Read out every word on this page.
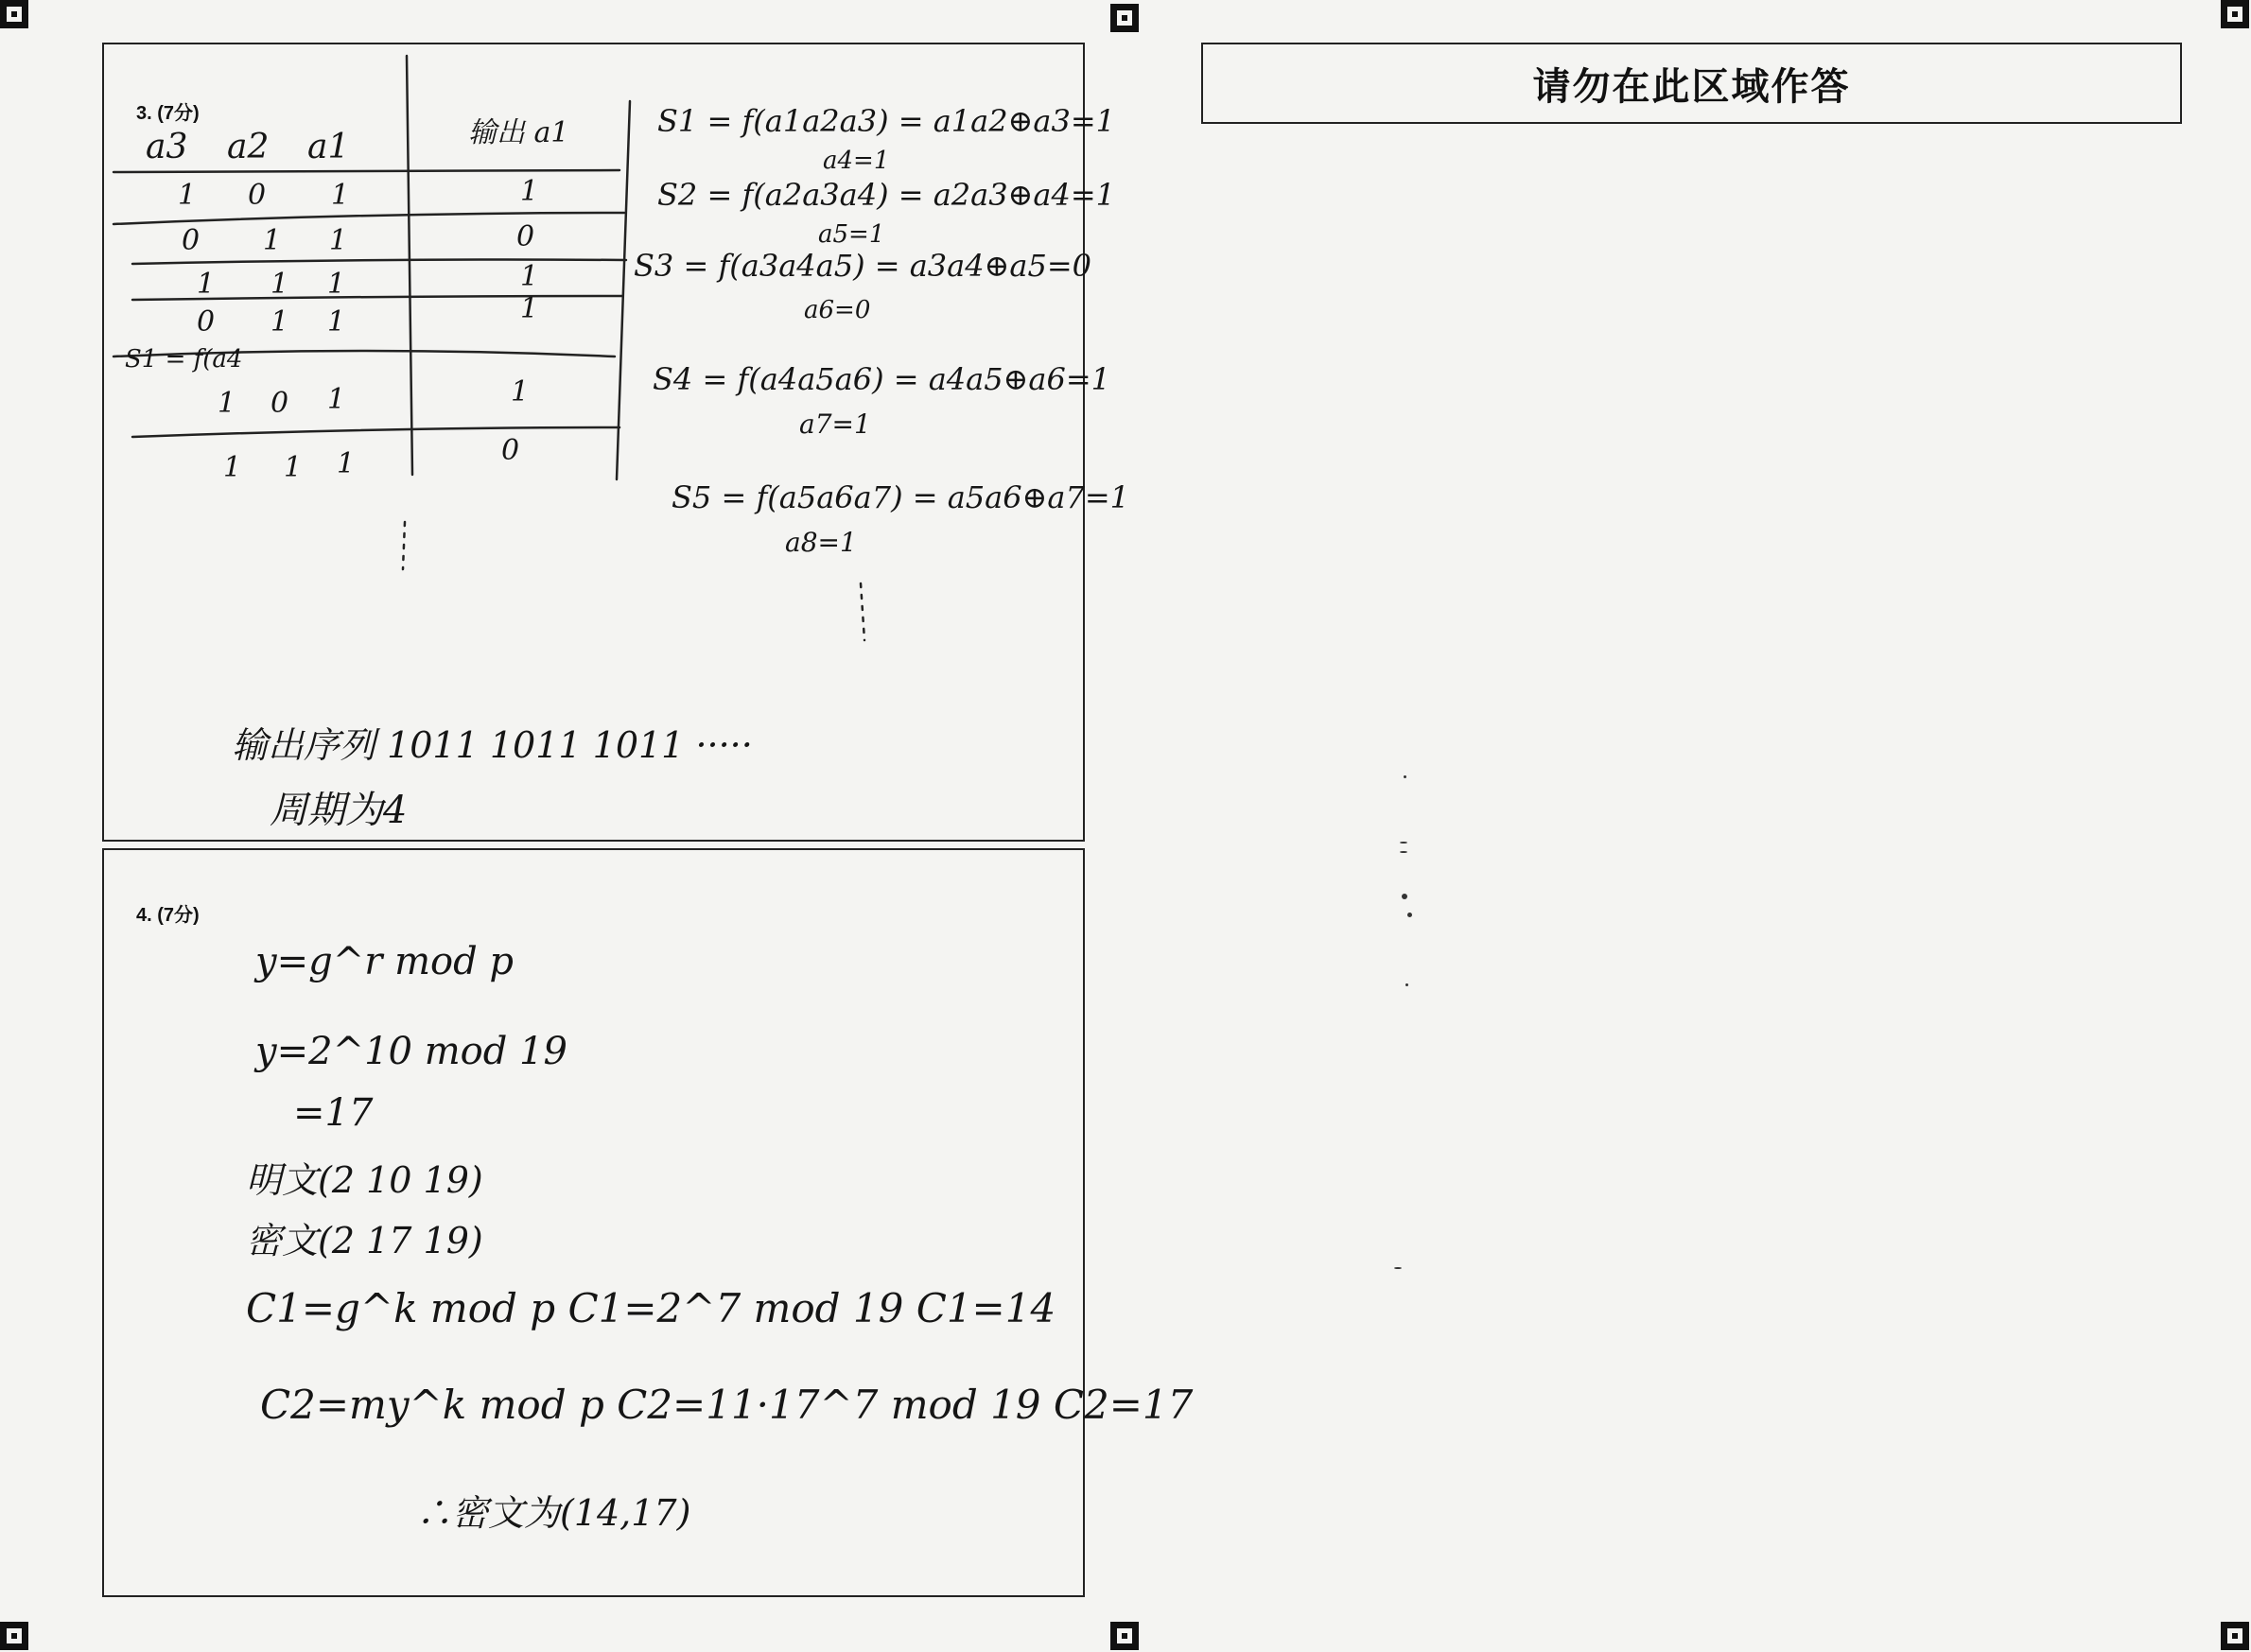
3. (7分)
a3 a2 a1	输出 a1
1 0 1	1
0 1 1	0
1 1 1	1
0 1 1	1
S1 = f(a4
1 0 1	1
1 1 1	0
S1 = f(a1a2a3) = a1a2⊕a3=1
a4=1
S2 = f(a2a3a4) = a2a3⊕a4=1
a5=1
S3 = f(a3a4a5) = a3a4⊕a5=0
a6=0
S4 = f(a4a5a6) = a4a5⊕a6=1
a7=1
S5 = f(a5a6a7) = a5a6⊕a7=1
a8=1
输出序列 1011 1011 1011 ·····
周期为4
4. (7分)
y=g^r mod p
y=2^10 mod 19
=17
明文(2 10 19)
密文(2 17 19)
C1=g^k mod p C1=2^7 mod 19 C1=14
C2=my^k mod p C2=11·17^7 mod 19 C2=17
∴密文为(14,17)
请勿在此区域作答
